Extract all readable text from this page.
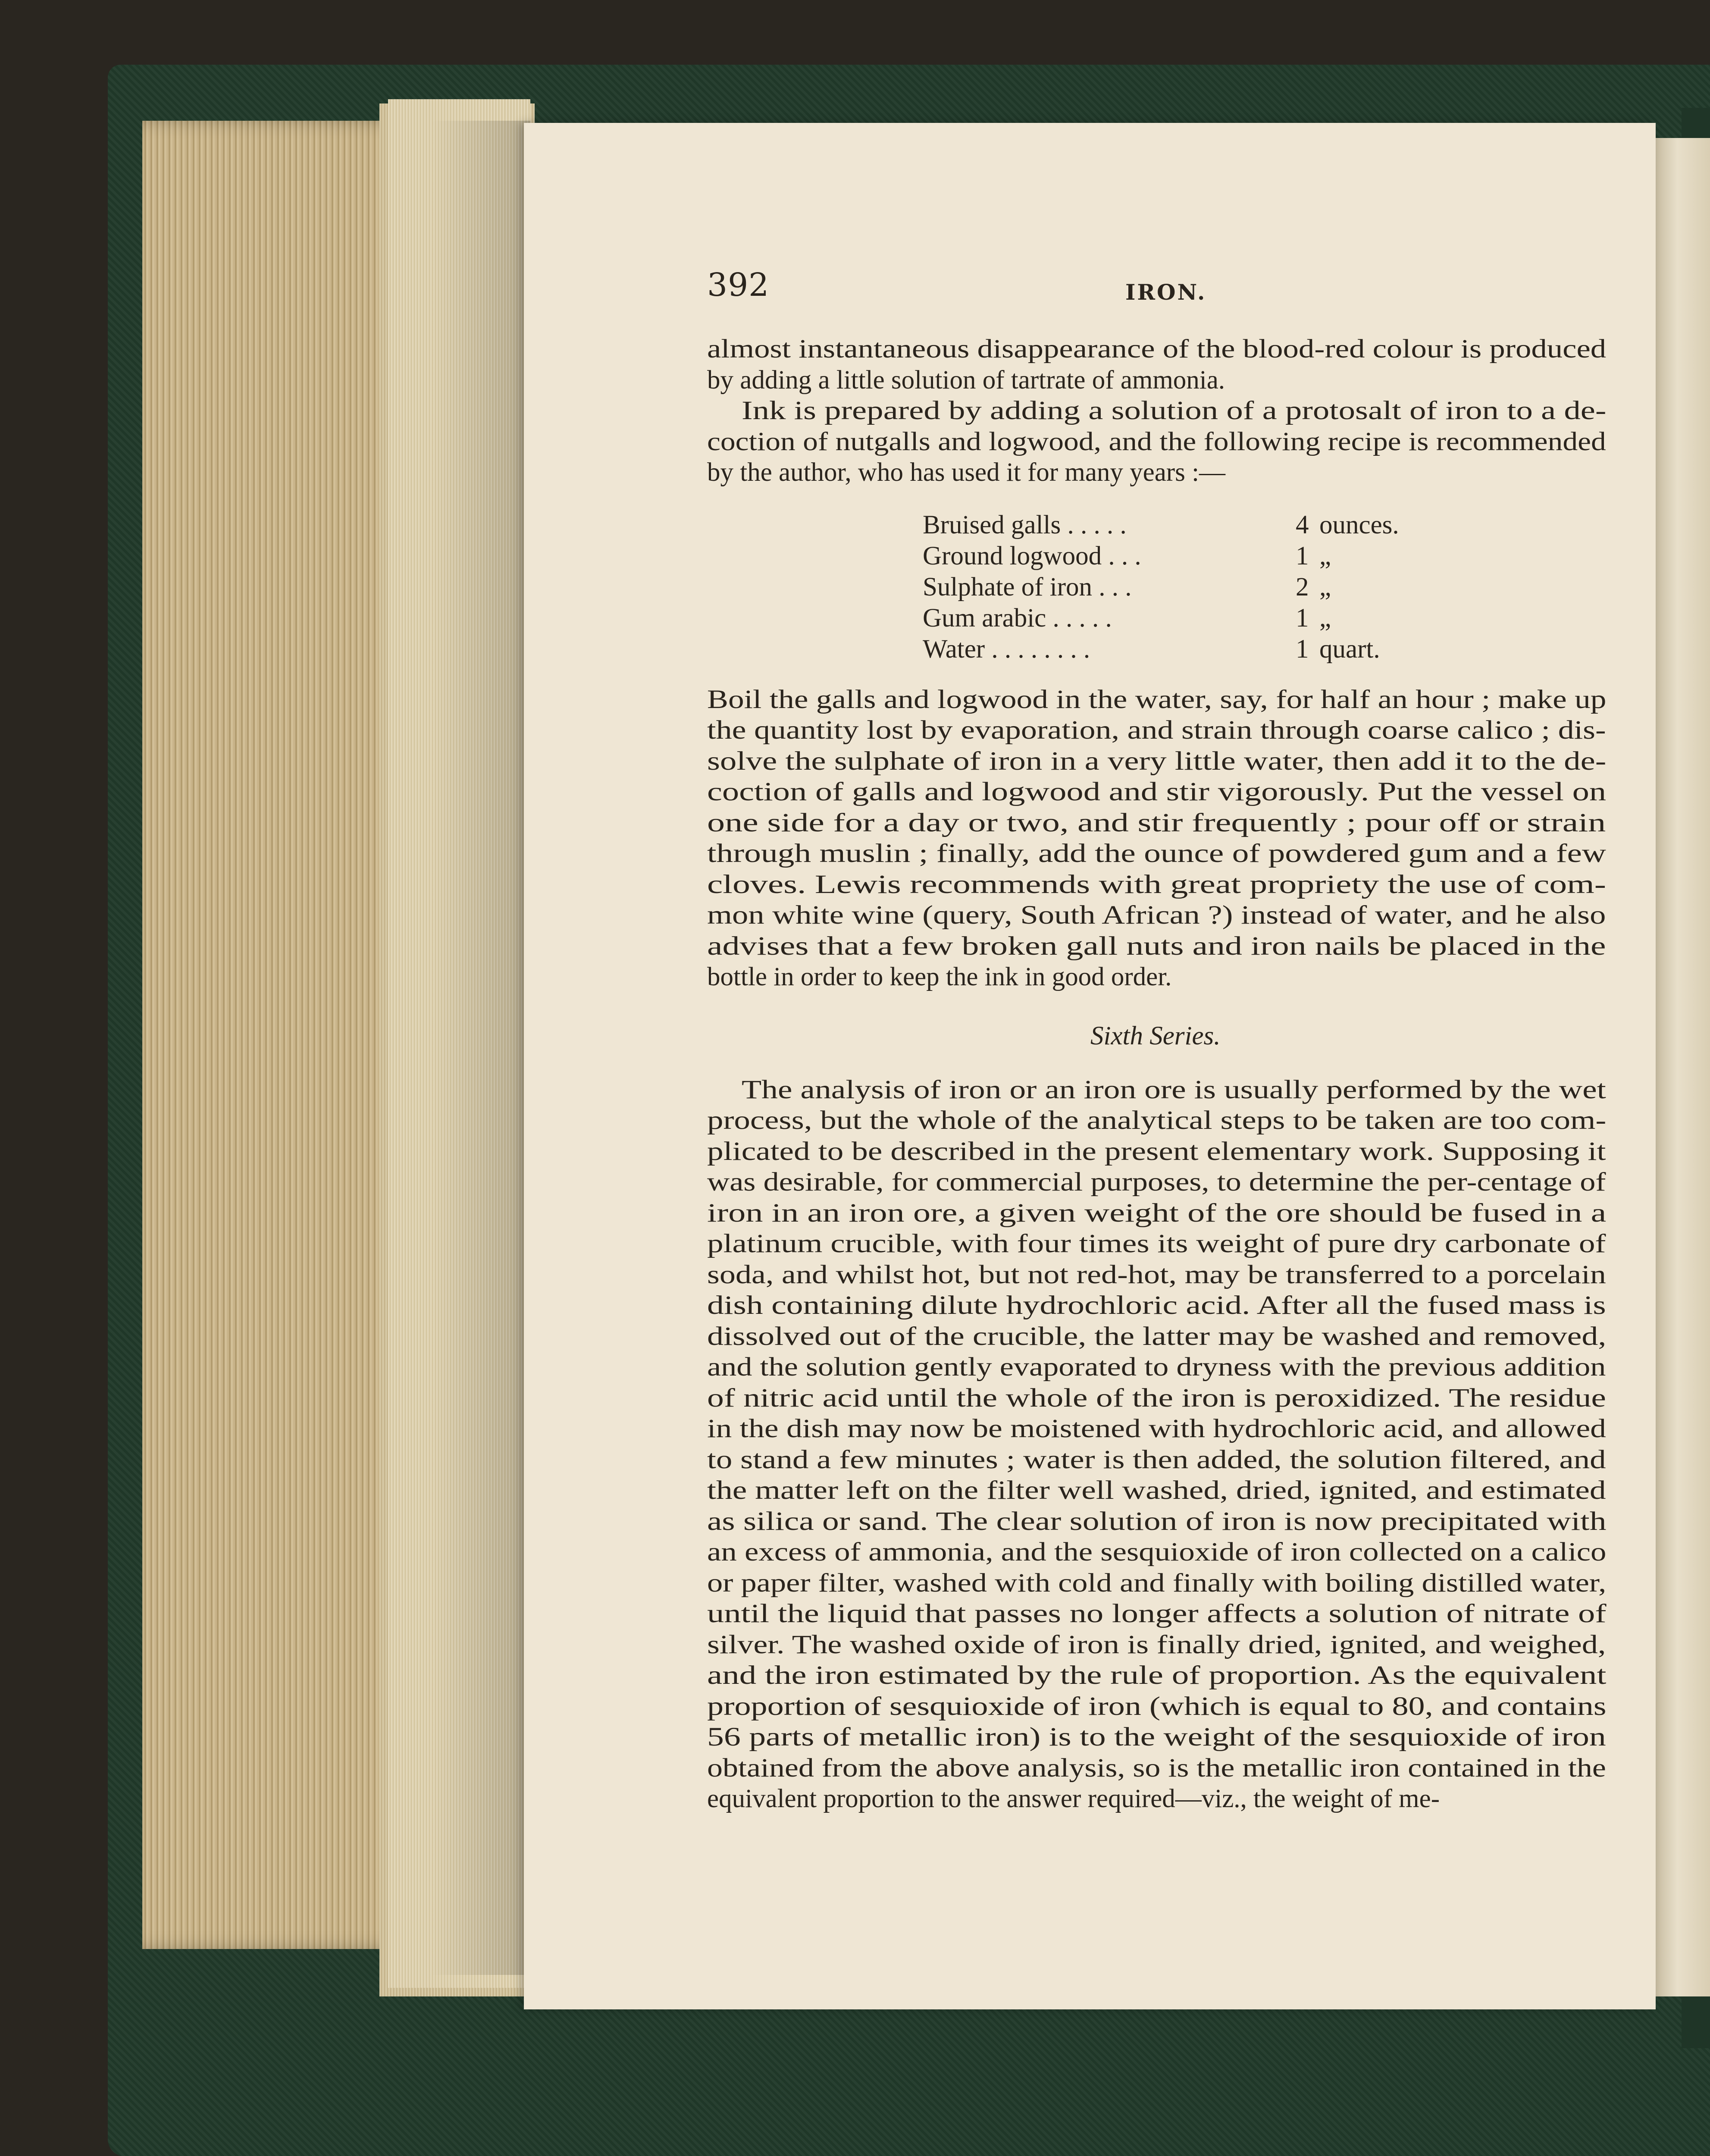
392	IRON.
almost instantaneous disappearance of the blood-red colour is produced
by adding a little solution of tartrate of ammonia.
Ink is prepared by adding a solution of a protosalt of iron to a de-
coction of nutgalls and logwood, and the following recipe is recommended
by the author, who has used it for many years :—
Bruised galls . . . . .	4 ounces.
Ground logwood . . .	1 „
Sulphate of iron . . .	2 „
Gum arabic . . . . .	1 „
Water . . . . . . . .	1 quart.
Boil the galls and logwood in the water, say, for half an hour ; make up
the quantity lost by evaporation, and strain through coarse calico ; dis-
solve the sulphate of iron in a very little water, then add it to the de-
coction of galls and logwood and stir vigorously. Put the vessel on
one side for a day or two, and stir frequently ; pour off or strain
through muslin ; finally, add the ounce of powdered gum and a few
cloves. Lewis recommends with great propriety the use of com-
mon white wine (query, South African ?) instead of water, and he also
advises that a few broken gall nuts and iron nails be placed in the
bottle in order to keep the ink in good order.
Sixth Series.
The analysis of iron or an iron ore is usually performed by the wet
process, but the whole of the analytical steps to be taken are too com-
plicated to be described in the present elementary work. Supposing it
was desirable, for commercial purposes, to determine the per-centage of
iron in an iron ore, a given weight of the ore should be fused in a
platinum crucible, with four times its weight of pure dry carbonate of
soda, and whilst hot, but not red-hot, may be transferred to a porcelain
dish containing dilute hydrochloric acid. After all the fused mass is
dissolved out of the crucible, the latter may be washed and removed,
and the solution gently evaporated to dryness with the previous addition
of nitric acid until the whole of the iron is peroxidized. The residue
in the dish may now be moistened with hydrochloric acid, and allowed
to stand a few minutes ; water is then added, the solution filtered, and
the matter left on the filter well washed, dried, ignited, and estimated
as silica or sand. The clear solution of iron is now precipitated with
an excess of ammonia, and the sesquioxide of iron collected on a calico
or paper filter, washed with cold and finally with boiling distilled water,
until the liquid that passes no longer affects a solution of nitrate of
silver. The washed oxide of iron is finally dried, ignited, and weighed,
and the iron estimated by the rule of proportion. As the equivalent
proportion of sesquioxide of iron (which is equal to 80, and contains
56 parts of metallic iron) is to the weight of the sesquioxide of iron
obtained from the above analysis, so is the metallic iron contained in the
equivalent proportion to the answer required—viz., the weight of me-
